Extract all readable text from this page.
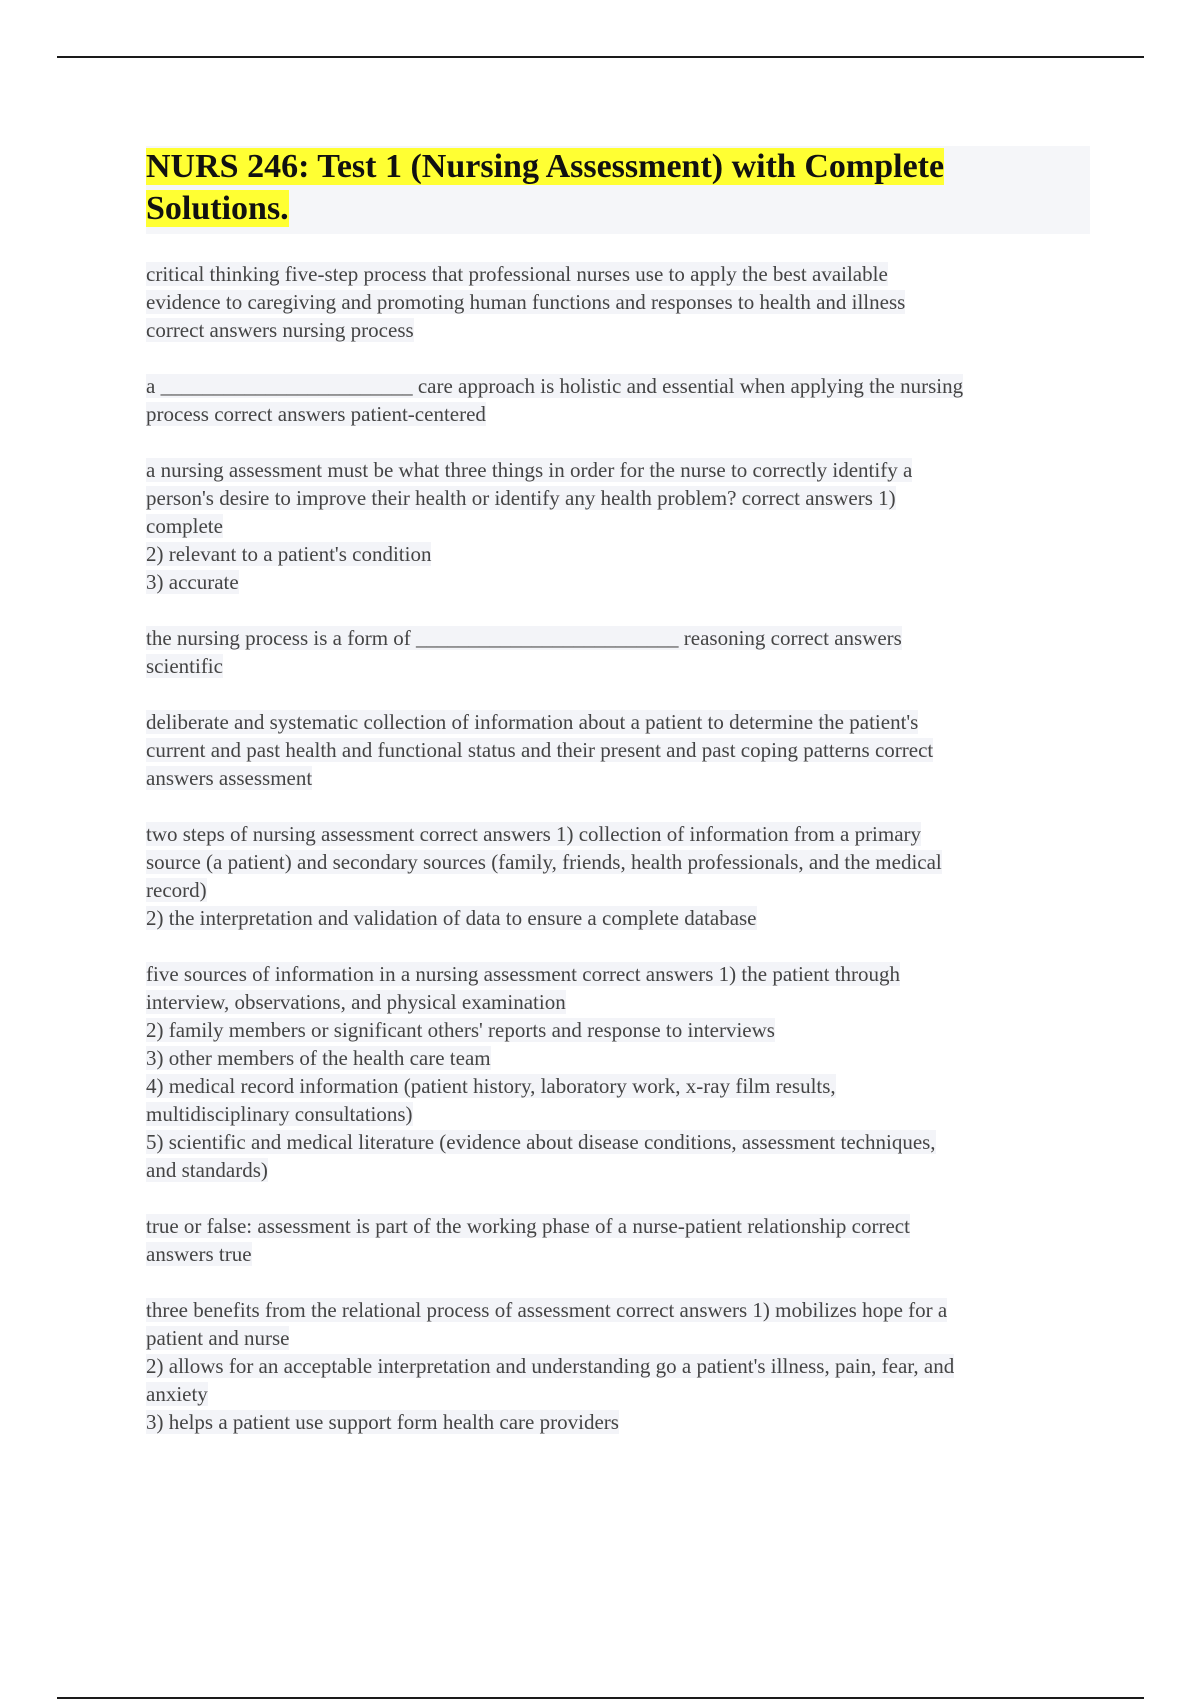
NURS 246: Test 1 (Nursing Assessment) with Complete Solutions.

critical thinking five-step process that professional nurses use to apply the best available
evidence to caregiving and promoting human functions and responses to health and illness
correct answers nursing process

a ________________________ care approach is holistic and essential when applying the nursing
process correct answers patient-centered

a nursing assessment must be what three things in order for the nurse to correctly identify a
person's desire to improve their health or identify any health problem? correct answers 1)
complete
2) relevant to a patient's condition
3) accurate

the nursing process is a form of _________________________ reasoning correct answers
scientific

deliberate and systematic collection of information about a patient to determine the patient's
current and past health and functional status and their present and past coping patterns correct
answers assessment

two steps of nursing assessment correct answers 1) collection of information from a primary
source (a patient) and secondary sources (family, friends, health professionals, and the medical
record)
2) the interpretation and validation of data to ensure a complete database

five sources of information in a nursing assessment correct answers 1) the patient through
interview, observations, and physical examination
2) family members or significant others' reports and response to interviews
3) other members of the health care team
4) medical record information (patient history, laboratory work, x-ray film results,
multidisciplinary consultations)
5) scientific and medical literature (evidence about disease conditions, assessment techniques,
and standards)

true or false: assessment is part of the working phase of a nurse-patient relationship correct
answers true

three benefits from the relational process of assessment correct answers 1) mobilizes hope for a
patient and nurse
2) allows for an acceptable interpretation and understanding go a patient's illness, pain, fear, and
anxiety
3) helps a patient use support form health care providers
